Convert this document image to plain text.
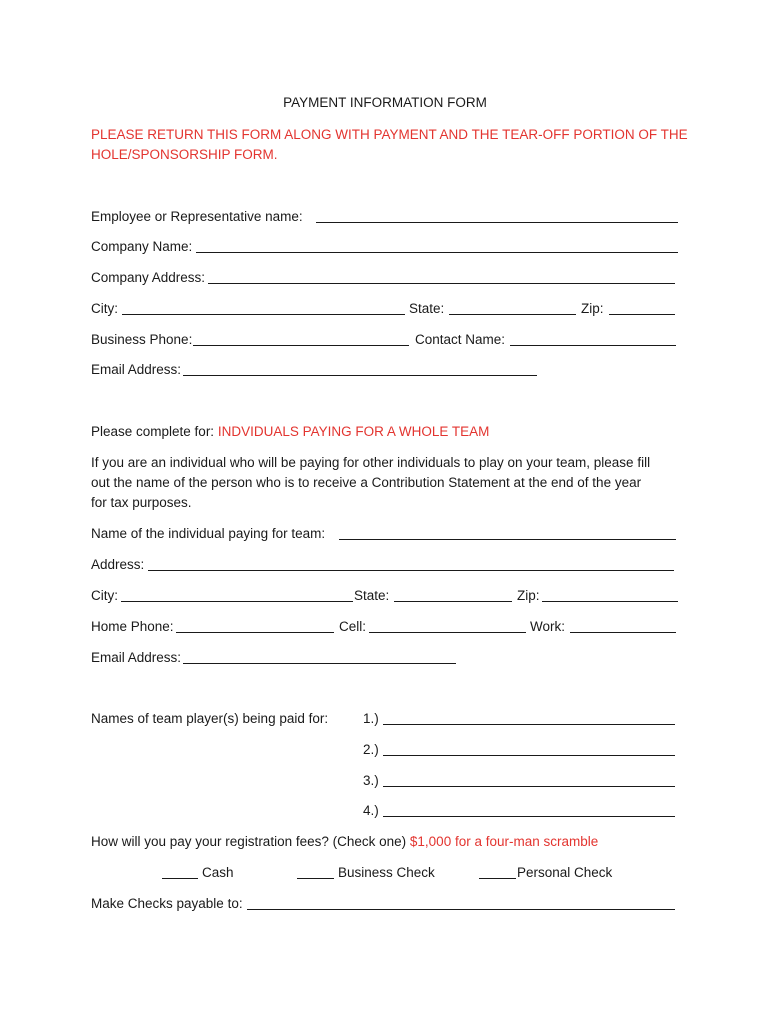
PAYMENT INFORMATION FORM
PLEASE RETURN THIS FORM ALONG WITH PAYMENT AND THE TEAR-OFF PORTION OF THE
HOLE/SPONSORSHIP FORM.
Employee or Representative name:
Company Name:
Company Address:
City:	State:	Zip:
Business Phone:	Contact Name:
Email Address:
Please complete for: INDVIDUALS PAYING FOR A WHOLE TEAM
If you are an individual who will be paying for other individuals to play on your team, please fill
out the name of the person who is to receive a Contribution Statement at the end of the year
for tax purposes.
Name of the individual paying for team:
Address:
City:	State:	Zip:
Home Phone:	Cell:	Work:
Email Address:
Names of team player(s) being paid for:	1.)
2.)
3.)
4.)
How will you pay your registration fees? (Check one) $1,000 for a four-man scramble
Cash	Business Check	Personal Check
Make Checks payable to:
